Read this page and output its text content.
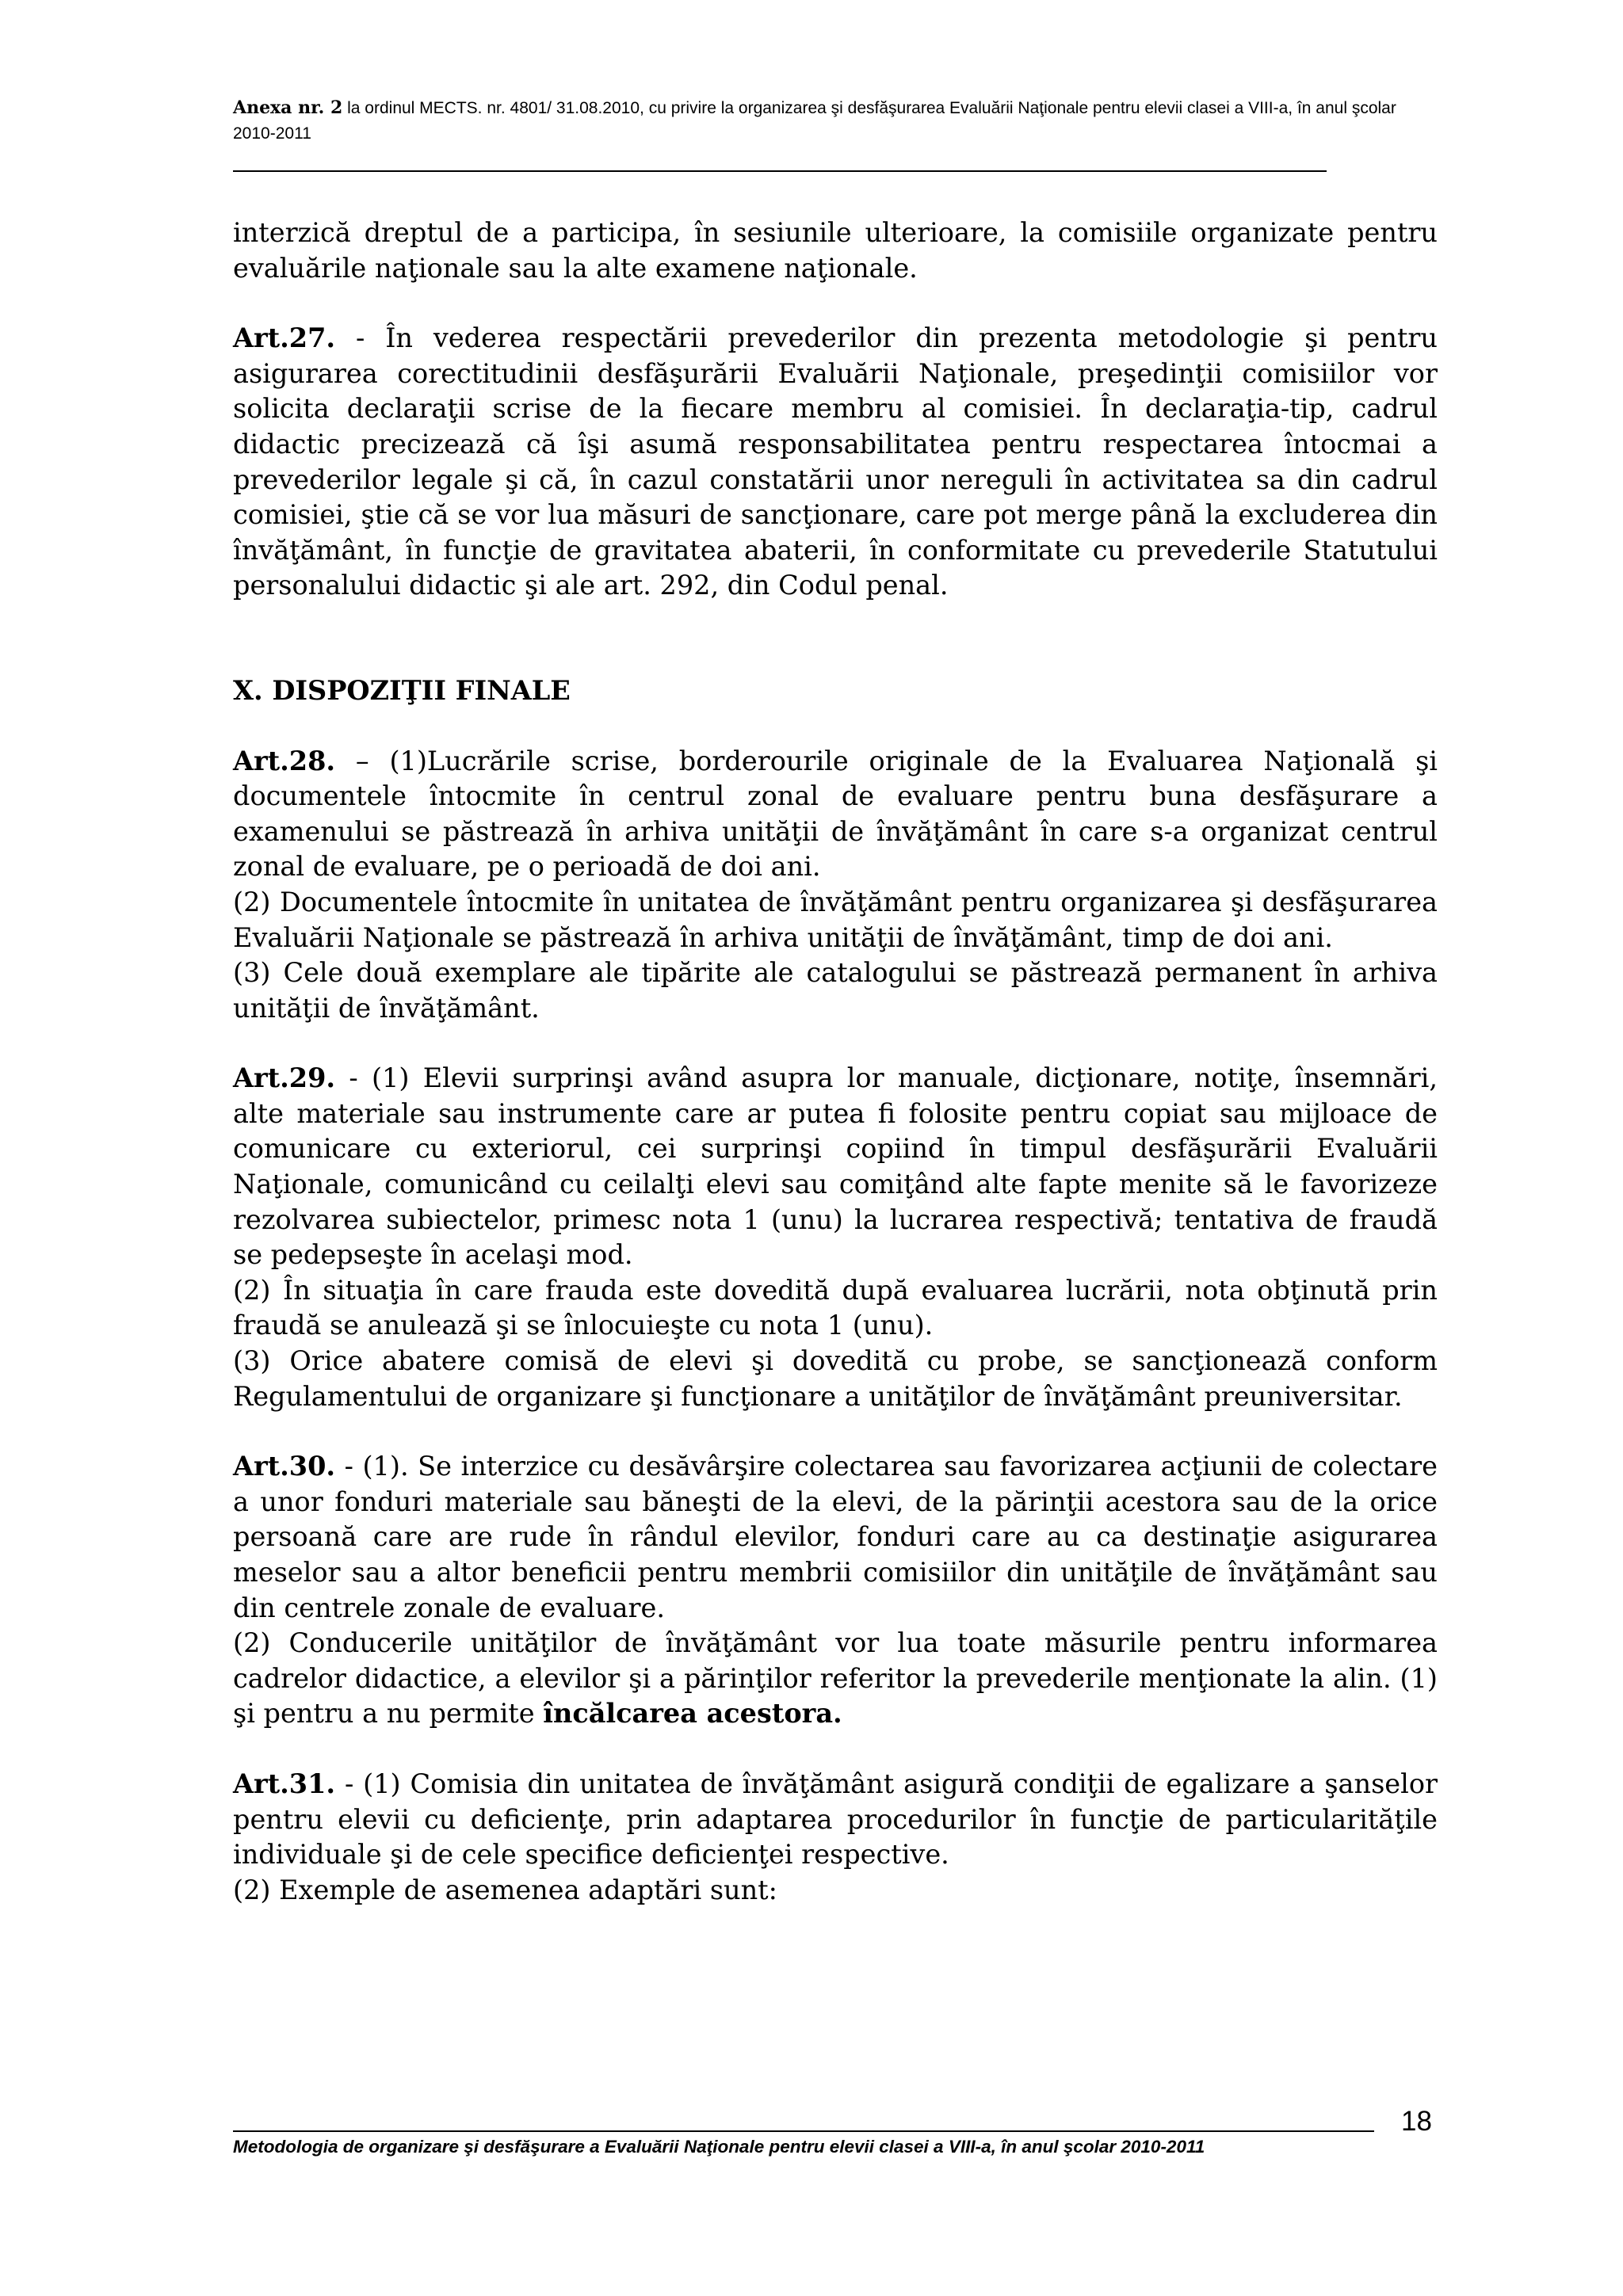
Anexa nr. 2 la ordinul MECTS. nr. 4801/ 31.08.2010, cu privire la organizarea şi desfăşurarea Evaluării Naţionale pentru elevii clasei a VIII-a, în anul şcolar 2010-2011

interzică dreptul de a participa, în sesiunile ulterioare, la comisiile organizate pentru evaluările naţionale sau la alte examene naţionale.

Art.27. - În vederea respectării prevederilor din prezenta metodologie şi pentru asigurarea corectitudinii desfăşurării Evaluării Naţionale, preşedinţii comisiilor vor solicita declaraţii scrise de la fiecare membru al comisiei. În declaraţia-tip, cadrul didactic precizează că îşi asumă responsabilitatea pentru respectarea întocmai a prevederilor legale şi că, în cazul constatării unor nereguli în activitatea sa din cadrul comisiei, ştie că se vor lua măsuri de sancţionare, care pot merge până la excluderea din învăţământ, în funcţie de gravitatea abaterii, în conformitate cu prevederile Statutului personalului didactic şi ale art. 292, din Codul penal.

X. DISPOZIŢII FINALE

Art.28. – (1)Lucrările scrise, borderourile originale de la Evaluarea Naţională şi documentele întocmite în centrul zonal de evaluare pentru buna desfăşurare a examenului se păstrează în arhiva unităţii de învăţământ în care s-a organizat centrul zonal de evaluare, pe o perioadă de doi ani.

(2) Documentele întocmite în unitatea de învăţământ pentru organizarea şi desfăşurarea Evaluării Naţionale se păstrează în arhiva unităţii de învăţământ, timp de doi ani.

(3) Cele două exemplare ale tipărite ale catalogului se păstrează permanent în arhiva unităţii de învăţământ.

Art.29. - (1) Elevii surprinşi având asupra lor manuale, dicţionare, notiţe, însemnări, alte materiale sau instrumente care ar putea fi folosite pentru copiat sau mijloace de comunicare cu exteriorul, cei surprinşi copiind în timpul desfăşurării Evaluării Naţionale, comunicând cu ceilalţi elevi sau comiţând alte fapte menite să le favorizeze rezolvarea subiectelor, primesc nota 1 (unu) la lucrarea respectivă; tentativa de fraudă se pedepseşte în acelaşi mod.

(2) În situaţia în care frauda este dovedită după evaluarea lucrării, nota obţinută prin fraudă se anulează şi se înlocuieşte cu nota 1 (unu).

(3) Orice abatere comisă de elevi şi dovedită cu probe, se sancţionează conform Regulamentului de organizare şi funcţionare a unităţilor de învăţământ preuniversitar.

Art.30. - (1). Se interzice cu desăvârşire colectarea sau favorizarea acţiunii de colectare a unor fonduri materiale sau băneşti de la elevi, de la părinţii acestora sau de la orice persoană care are rude în rândul elevilor, fonduri care au ca destinaţie asigurarea meselor sau a altor beneficii pentru membrii comisiilor din unităţile de învăţământ sau din centrele zonale de evaluare.

(2) Conducerile unităţilor de învăţământ vor lua toate măsurile pentru informarea cadrelor didactice, a elevilor şi a părinţilor referitor la prevederile menţionate la alin. (1) şi pentru a nu permite încălcarea acestora.

Art.31. - (1) Comisia din unitatea de învăţământ asigură condiţii de egalizare a şanselor pentru elevii cu deficienţe, prin adaptarea procedurilor în funcţie de particularităţile individuale şi de cele specifice deficienţei respective.

(2) Exemple de asemenea adaptări sunt:

Metodologia de organizare şi desfăşurare a Evaluării Naţionale pentru elevii clasei a VIII-a, în anul şcolar 2010-2011
18
